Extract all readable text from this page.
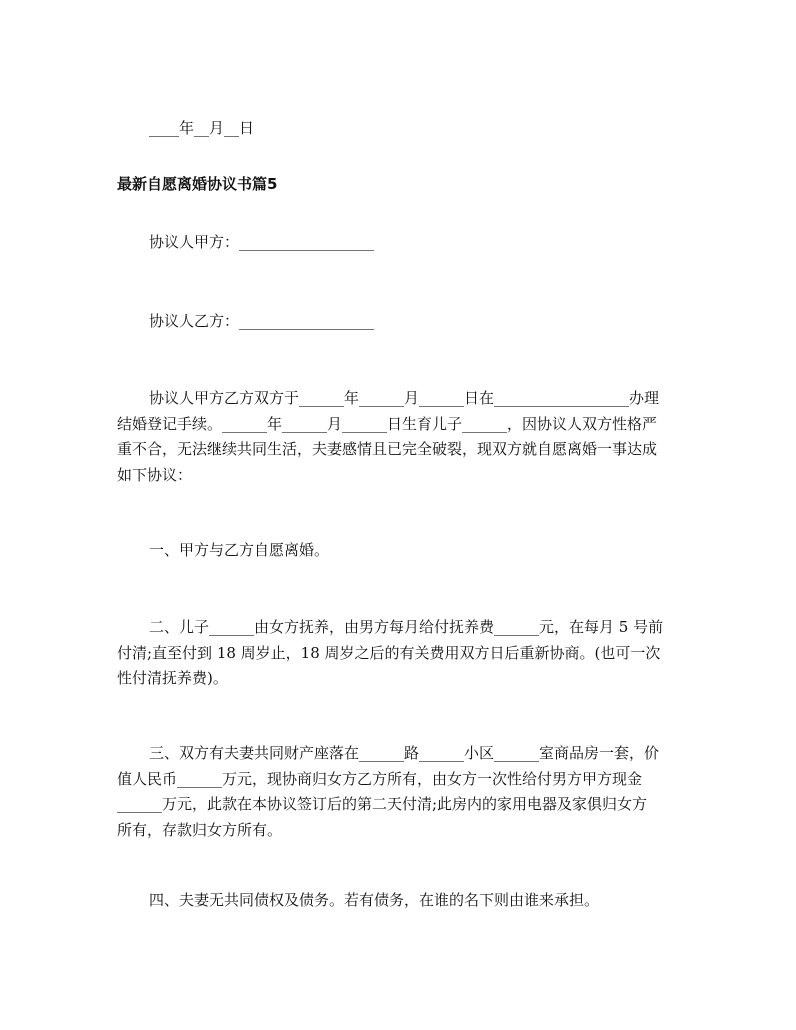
____年__月__日
最新自愿离婚协议书篇5
协议人甲方：__________________
协议人乙方：__________________
协议人甲方乙方双方于______年______月______日在__________________办理
结婚登记手续。______年______月______日生育儿子______，因协议人双方性格严
重不合，无法继续共同生活，夫妻感情且已完全破裂，现双方就自愿离婚一事达成
如下协议：
一、甲方与乙方自愿离婚。
二、儿子______由女方抚养，由男方每月给付抚养费______元，在每月 5 号前
付清;直至付到 18 周岁止，18 周岁之后的有关费用双方日后重新协商。(也可一次
性付清抚养费)。
三、双方有夫妻共同财产座落在______路______小区______室商品房一套，价
值人民币______万元，现协商归女方乙方所有，由女方一次性给付男方甲方现金
______万元，此款在本协议签订后的第二天付清;此房内的家用电器及家俱归女方
所有，存款归女方所有。
四、夫妻无共同债权及债务。若有债务，在谁的名下则由谁来承担。
